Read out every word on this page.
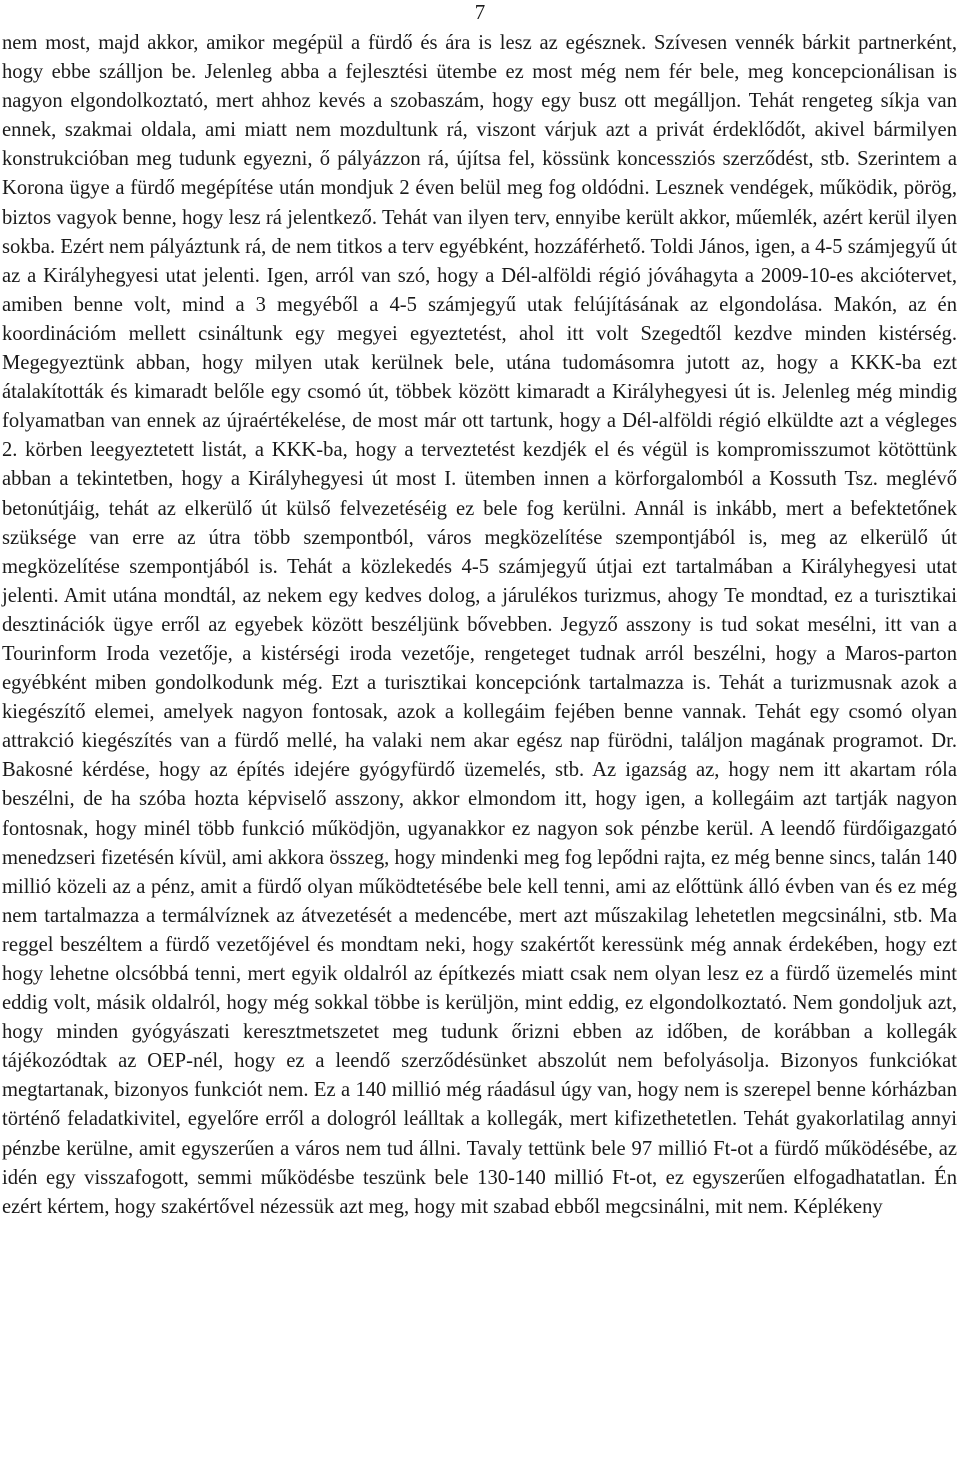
7

nem most, majd akkor, amikor megépül a fürdő és ára is lesz az egésznek. Szívesen vennék bárkit partnerként, hogy ebbe szálljon be. Jelenleg abba a fejlesztési ütembe ez most még nem fér bele, meg koncepcionálisan is nagyon elgondolkoztató, mert ahhoz kevés a szobaszám, hogy egy busz ott megálljon. Tehát rengeteg síkja van ennek, szakmai oldala, ami miatt nem mozdultunk rá, viszont várjuk azt a privát érdeklődőt, akivel bármilyen konstrukcióban meg tudunk egyezni, ő pályázzon rá, újítsa fel, kössünk koncessziós szerződést, stb. Szerintem a Korona ügye a fürdő megépítése után mondjuk 2 éven belül meg fog oldódni. Lesznek vendégek, működik, pörög, biztos vagyok benne, hogy lesz rá jelentkező. Tehát van ilyen terv, ennyibe került akkor, műemlék, azért kerül ilyen sokba. Ezért nem pályáztunk rá, de nem titkos a terv egyébként, hozzáférhető. Toldi János, igen, a 4-5 számjegyű út az a Királyhegyesi utat jelenti. Igen, arról van szó, hogy a Dél-alföldi régió jóváhagyta a 2009-10-es akciótervet, amiben benne volt, mind a 3 megyéből a 4-5 számjegyű utak felújításának az elgondolása. Makón, az én koordinációm mellett csináltunk egy megyei egyeztetést, ahol itt volt Szegedtől kezdve minden kistérség. Megegyeztünk abban, hogy milyen utak kerülnek bele, utána tudomásomra jutott az, hogy a KKK-ba ezt átalakították és kimaradt belőle egy csomó út, többek között kimaradt a Királyhegyesi út is. Jelenleg még mindig folyamatban van ennek az újraértékelése, de most már ott tartunk, hogy a Dél-alföldi régió elküldte azt a végleges 2. körben leegyeztetett listát, a KKK-ba, hogy a terveztetést kezdjék el és végül is kompromisszumot kötöttünk abban a tekintetben, hogy a Királyhegyesi út most I. ütemben innen a körforgalomból a Kossuth Tsz. meglévő betonútjáig, tehát az elkerülő út külső felvezetéséig ez bele fog kerülni. Annál is inkább, mert a befektetőnek szüksége van erre az útra több szempontból, város megközelítése szempontjából is, meg az elkerülő út megközelítése szempontjából is. Tehát a közlekedés 4-5 számjegyű útjai ezt tartalmában a Királyhegyesi utat jelenti. Amit utána mondtál, az nekem egy kedves dolog, a járulékos turizmus, ahogy Te mondtad, ez a turisztikai desztinációk ügye erről az egyebek között beszéljünk bővebben. Jegyző asszony is tud sokat mesélni, itt van a Tourinform Iroda vezetője, a kistérségi iroda vezetője, rengeteget tudnak arról beszélni, hogy a Maros-parton egyébként miben gondolkodunk még. Ezt a turisztikai koncepciónk tartalmazza is. Tehát a turizmusnak azok a kiegészítő elemei, amelyek nagyon fontosak, azok a kollegáim fejében benne vannak. Tehát egy csomó olyan attrakció kiegészítés van a fürdő mellé, ha valaki nem akar egész nap fürödni, találjon magának programot. Dr. Bakosné kérdése, hogy az építés idejére gyógyfürdő üzemelés, stb. Az igazság az, hogy nem itt akartam róla beszélni, de ha szóba hozta képviselő asszony, akkor elmondom itt, hogy igen, a kollegáim azt tartják nagyon fontosnak, hogy minél több funkció működjön, ugyanakkor ez nagyon sok pénzbe kerül. A leendő fürdőigazgató menedzseri fizetésén kívül, ami akkora összeg, hogy mindenki meg fog lepődni rajta, ez még benne sincs, talán 140 millió közeli az a pénz, amit a fürdő olyan működtetésébe bele kell tenni, ami az előttünk álló évben van és ez még nem tartalmazza a termálvíznek az átvezetését a medencébe, mert azt műszakilag lehetetlen megcsinálni, stb. Ma reggel beszéltem a fürdő vezetőjével és mondtam neki, hogy szakértőt keressünk még annak érdekében, hogy ezt hogy lehetne olcsóbbá tenni, mert egyik oldalról az építkezés miatt csak nem olyan lesz ez a fürdő üzemelés mint eddig volt, másik oldalról, hogy még sokkal többe is kerüljön, mint eddig, ez elgondolkoztató. Nem gondoljuk azt, hogy minden gyógyászati keresztmetszetet meg tudunk őrizni ebben az időben, de korábban a kollegák tájékozódtak az OEP-nél, hogy ez a leendő szerződésünket abszolút nem befolyásolja. Bizonyos funkciókat megtartanak, bizonyos funkciót nem. Ez a 140 millió még ráadásul úgy van, hogy nem is szerepel benne kórházban történő feladatkivitel, egyelőre erről a dologról leálltak a kollegák, mert kifizethetetlen. Tehát gyakorlatilag annyi pénzbe kerülne, amit egyszerűen a város nem tud állni. Tavaly tettünk bele 97 millió Ft-ot a fürdő működésébe, az idén egy visszafogott, semmi működésbe teszünk bele 130-140 millió Ft-ot, ez egyszerűen elfogadhatatlan. Én ezért kértem, hogy szakértővel nézessük azt meg, hogy mit szabad ebből megcsinálni, mit nem. Képlékeny
